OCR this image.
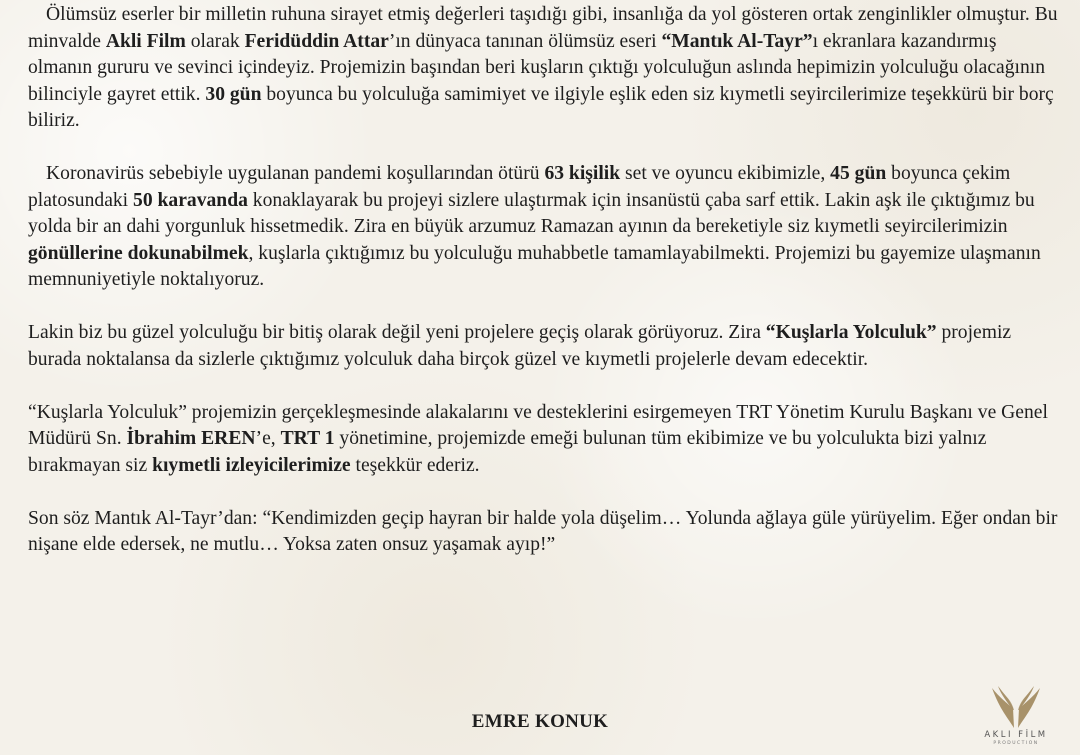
Ölümsüz eserler bir milletin ruhuna sirayet etmiş değerleri taşıdığı gibi, insanlığa da yol gösteren ortak zenginlikler olmuştur. Bu minvalde Akli Film olarak Feridüddin Attar’ın dünyaca tanınan ölümsüz eseri “Mantık Al-Tayr”ı ekranlara kazandırmış olmanın gururu ve sevinci içindeyiz. Projemizin başından beri kuşların çıktığı yolculuğun aslında hepimizin yolculuğu olacağının bilinciyle gayret ettik. 30 gün boyunca bu yolculuğa samimiyet ve ilgiyle eşlik eden siz kıymetli seyircilerimize teşekkürü bir borç biliriz.

Koronavirüs sebebiyle uygulanan pandemi koşullarından ötürü 63 kişilik set ve oyuncu ekibimizle, 45 gün boyunca çekim platosundaki 50 karavanda konaklayarak bu projeyi sizlere ulaştırmak için insanüstü çaba sarf ettik. Lakin aşk ile çıktığımız bu yolda bir an dahi yorgunluk hissetmedik. Zira en büyük arzumuz Ramazan ayının da bereketiyle siz kıymetli seyircilerimizin gönüllerine dokunabilmek, kuşlarla çıktığımız bu yolculuğu muhabbetle tamamlayabilmekti. Projemizi bu gayemize ulaşmanın memnuniyetiyle noktalıyoruz.

Lakin biz bu güzel yolculuğu bir bitiş olarak değil yeni projelere geçiş olarak görüyoruz. Zira “Kuşlarla Yolculuk” projemiz burada noktalansa da sizlerle çıktığımız yolculuk daha birçok güzel ve kıymetli projelerle devam edecektir.

“Kuşlarla Yolculuk” projemizin gerçekleşmesinde alakalarını ve desteklerini esirgemeyen TRT Yönetim Kurulu Başkanı ve Genel Müdürü Sn. İbrahim EREN’e, TRT 1 yönetimine, projemizde emeği bulunan tüm ekibimize ve bu yolculukta bizi yalnız bırakmayan siz kıymetli izleyicilerimize teşekkür ederiz.

Son söz Mantık Al-Tayr’dan: “Kendimizden geçip hayran bir halde yola düşelim… Yolunda ağlaya güle yürüyelim. Eğer ondan bir nişane elde edersek, ne mutlu… Yoksa zaten onsuz yaşamak ayıp!”

EMRE KONUK
AKLI FİLM
PRODUCTION
